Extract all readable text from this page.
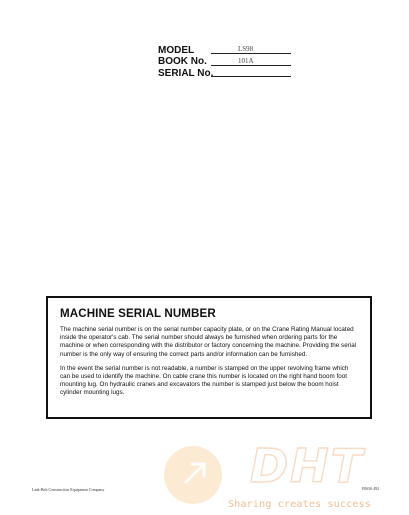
MODEL	LS98
BOOK No.	101A
SERIAL No.
MACHINE SERIAL NUMBER

The machine serial number is on the serial number capacity plate, or on the Crane Rating Manual located inside the operator's cab. The serial number should always be furnished when ordering parts for the machine or when corresponding with the distributor or factory concerning the machine. Providing the serial number is the only way of ensuring the correct parts and/or information can be furnished.

In the event the serial number is not readable, a number is stamped on the upper revolving frame which can be used to identify the machine. On cable crane this number is located on the right hand boom foot mounting lug. On hydraulic cranes and excavators the number is stamped just below the boom hoist cylinder mounting lugs.

Link-Belt Construction Equipment Company	F0656 492
DHT
Sharing creates success
